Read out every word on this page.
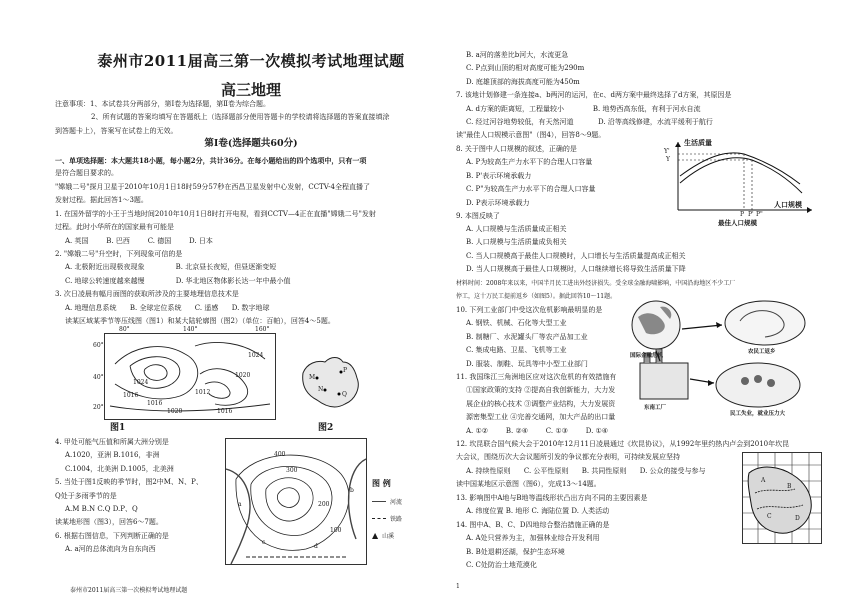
泰州市2011届高三第一次模拟考试地理试题
高三地理
注意事项：1、本试卷共分两部分，第Ⅰ卷为选择题，第Ⅱ卷为综合题。
2、所有试题的答案均填写在答题纸上（选择题部分使用答题卡的学校请将选择题的答案直接填涂
到答题卡上），答案写在试卷上的无效。
第Ⅰ卷(选择题共60分)
一、单项选择题：本大题共18小题，每小题2分，共计36分。在每小题给出的四个选项中，只有一项
是符合题目要求的。
"嫦娥二号"探月卫星于2010年10月1日18时59分57秒在西昌卫星发射中心发射，CCTV-4全程直播了
发射过程。据此回答1～3题。
1. 在国外留学的小王于当地时间2010年10月1日8时打开电视，看到CCTV—4正在直播"嫦娥二号"发射
过程。此时小华所在的国家最有可能是
A. 英国        B. 巴西        C. 德国        D. 日本
2. "嫦娥二号"升空时，下列现象可信的是
A. 北极附近出现极夜现象              B. 北京昼长夜短，但昼逐渐变短
C. 地球公转速度越来越慢              D. 华北地区物体影长达一年中最小值
3. 次日凌晨有幅月面图的获取所涉及的主要地理信息技术是
A. 地理信息系统      B. 全球定位系统      C. 遥感      D. 数字地球
读某区域某季节等压线图（图1）和某大陆轮廓图（图2）（单位：百帕），回答4～5题。
4. 甲处可能气压值和所属大洲分别是
A.1020，亚洲 B.1016，非洲
C.1004，北美洲 D.1005，北美洲
5. 当处于图1反映的季节时，图2中M、N、P、
Q处于多雨季节的是
A.M B.N C.Q D.P、Q
读某地形图（图3），回答6～7题。
6. 根据右图信息，下列判断正确的是
A. a河的总体流向为自东向西
80°	140°	160°
60°
40°
20°
1024
1012
1016
1016
1020
1024
1016
1020
图1
M
N
P
Q
图2
400
300
200
100
a
b
c
d
图 例
河流
铁路
▲ 山溪
泰州市2011届高三第一次模拟考试地理试题
B. a河的落差比b河大，水流更急
C. P点到山顶的相对高度可能为290m
D. 庭雄顶部的海拔高度可能为450m
7. 该地计划修建一条连接a、b两河的运河，在c、d两方案中最终选择了d方案，其原因是
A. d方案的距离短，工程量较小             B. 地势西高东低，有利于河水自流
C. 经过河谷地势较低，有天然河道           D. 沿等高线修建，水流平缓利于航行
读"最佳人口规模示意图"（图4），回答8～9题。
8. 关于图中人口规模的叙述，正确的是
A. P为较高生产力水平下的合理人口容量
B. P'表示环境承载力
C. P"为较高生产力水平下的合理人口容量
D. P表示环境承载力
9. 本图反映了
A. 人口规模与生活质量成正相关
B. 人口规模与生活质量成负相关
C. 当人口规模高于最佳人口规模时，人口增长与生活质量提高成正相关
D. 当人口规模高于最佳人口规模时，人口继续增长将导致生活质量下降
材料时间：2008年来以来，中国半月民工进出外经济损失。受全球金融海啸影响，中国沿海地区不少工厂
停工，这十万民工提前返乡（如图5）。据此回答10～11题。
10. 下列工业部门中受这次危机影响最明显的是
A. 钢铁、机械、石化等大型工业
B. 制糖厂、水泥罐头厂等农产品加工业
C. 集成电路、卫星、飞机等工业
D. 服装、制鞋、玩具等中小型工业部门
11. 我国珠江三角洲地区应对这次危机的有效措施有
①国家政策的支持 ②提高自我创新能力，大力发
展企业的核心技术 ③调整产业结构，大力发展资
源密集型工业 ④完善交通网，加大产品的出口量
A. ①②        B. ②④        C. ①③        D. ①④
12. 坎昆联合国气候大会于2010年12月11日凌晨通过《坎昆协议》，从1992年里约热内卢会到2010年坎昆
大会议，围绕历次大会议题所引发的争议都充分表明，可持续发展应坚持
A. 持续性原则      C. 公平性原则      B. 共同性原则      D. 公众的接受与参与
读中国某地区示意图（图6），完成13～14题。
13. 影响图中A地与B地等温线形状凸出方向不同的主要因素是
A. 纬度位置 B. 地形 C. 海陆位置 D. 人类活动
14. 图中A、B、C、D四地综合整治措施正确的是
A. A处只营养为主，加强林业综合开发利用
B. B处退耕还湖，保护生态环境
C. C处防治土地荒漠化
生活质量
Y'
Y
P P' P"
人口规模
最佳人口规模
国际金融危机
农民工返乡
东南工厂
民工失业，就业压力大
A
B
C	D
1
